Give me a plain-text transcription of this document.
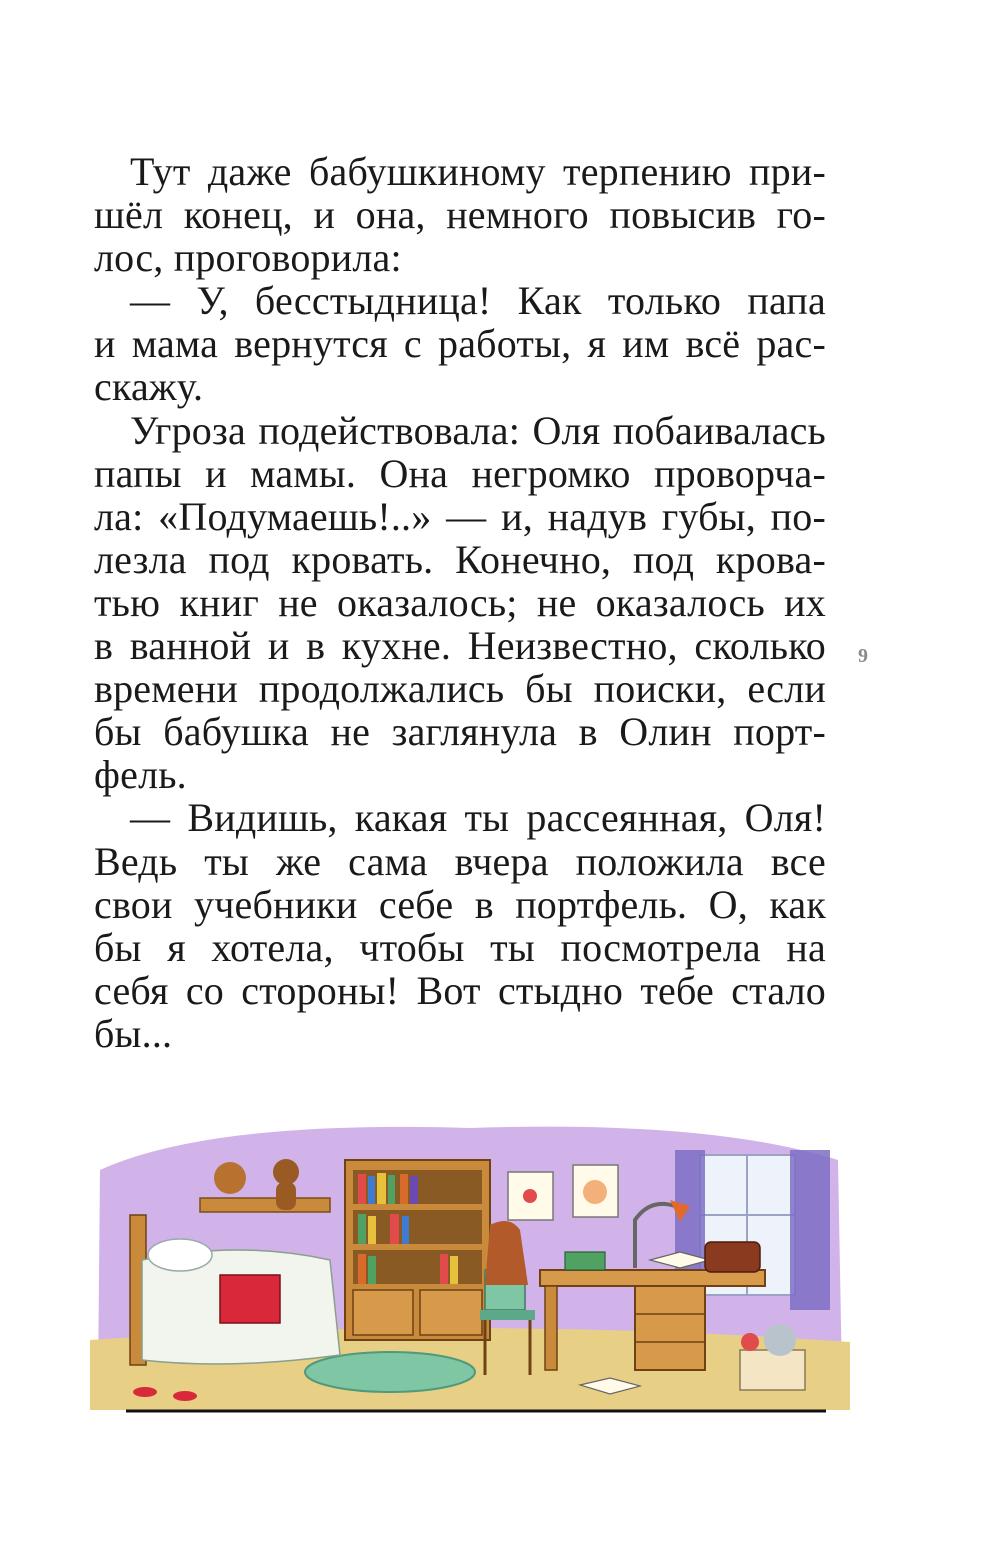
Тут даже бабушкиному терпению при-
шёл конец, и она, немного повысив го-
лос, проговорила:
— У, бесстыдница! Как только папа
и мама вернутся с работы, я им всё рас-
скажу.
Угроза подействовала: Оля побаивалась
папы и мамы. Она негромко проворча-
ла: «Подумаешь!..» — и, надув губы, по-
лезла под кровать. Конечно, под крова-
тью книг не оказалось; не оказалось их
в ванной и в кухне. Неизвестно, сколько
времени продолжались бы поиски, если
бы бабушка не заглянула в Олин порт-
фель.
— Видишь, какая ты рассеянная, Оля!
Ведь ты же сама вчера положила все
свои учебники себе в портфель. О, как
бы я хотела, чтобы ты посмотрела на
себя со стороны! Вот стыдно тебе стало
бы...
9
